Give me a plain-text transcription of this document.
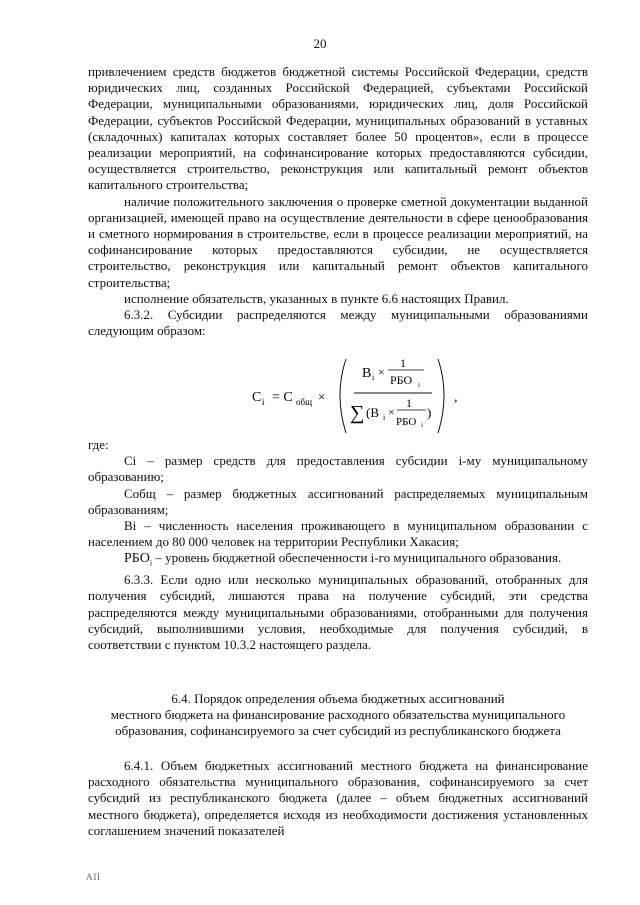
20

привлечением средств бюджетов бюджетной системы Российской Федерации, средств юридических лиц, созданных Российской Федерацией, субъектами Российской Федерации, муниципальными образованиями, юридических лиц, доля Российской Федерации, субъектов Российской Федерации, муниципальных образований в уставных (складочных) капиталах которых составляет более 50 процентов», если в процессе реализации мероприятий, на софинансирование которых предоставляются субсидии, осуществляется строительство, реконструкция или капитальный ремонт объектов капитального строительства;

наличие положительного заключения о проверке сметной документации выданной организацией, имеющей право на осуществление деятельности в сфере ценообразования и сметного нормирования в строительстве, если в процессе реализации мероприятий, на софинансирование которых предоставляются субсидии, не осуществляется строительство, реконструкция или капитальный ремонт объектов капитального строительства;

исполнение обязательств, указанных в пункте 6.6 настоящих Правил.

6.3.2. Субсидии распределяются между муниципальными образованиями следующим образом:

C i = C общ ×
B i ×
1
РБО i
∑ (B i ×
1
РБО i
)
,

где:

Ci – размер средств для предоставления субсидии i-му муниципальному образованию;

Cобщ – размер бюджетных ассигнований распределяемых муниципальным образованиям;

Bi – численность населения проживающего в муниципальном образовании с населением до 80 000 человек на территории Республики Хакасия;

$РБО_i$ – уровень бюджетной обеспеченности i-го муниципального образования.

6.3.3. Если одно или несколько муниципальных образований, отобранных для получения субсидий, лишаются права на получение субсидий, эти средства распределяются между муниципальными образованиями, отобранными для получения субсидий, выполнившими условия, необходимые для получения субсидий, в соответствии с пунктом 10.3.2 настоящего раздела.

6.4. Порядок определения объема бюджетных ассигнований
местного бюджета на финансирование расходного обязательства муниципального
образования, софинансируемого за счет субсидий из республиканского бюджета

6.4.1. Объем бюджетных ассигнований местного бюджета на финансирование расходного обязательства муниципального образования, софинансируемого за счет субсидий из республиканского бюджета (далее – объем бюджетных ассигнований местного бюджета), определяется исходя из необходимости достижения установленных соглашением значений показателей

АП
